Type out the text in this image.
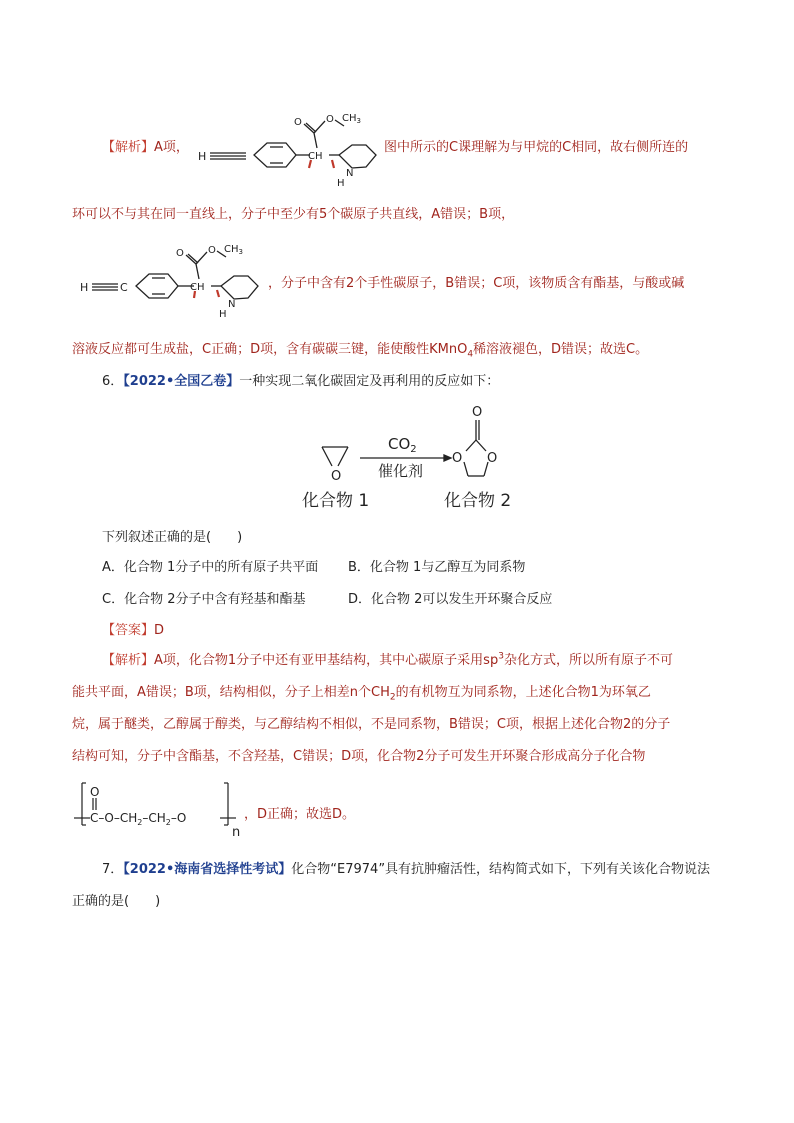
【解析】A项，
H	CH
O O $CH_3$
N
H
图中所示的C课理解为与甲烷的C相同，故右侧所连的
环可以不与其在同一直线上，分子中至少有5个碳原子共直线，A错误；B项，
H	C	CH
O O $CH_3$
N
H
，分子中含有2个手性碳原子，B错误；C项，该物质含有酯基，与酸或碱
溶液反应都可生成盐，C正确；D项，含有碳碳三键，能使酸性KMnO$_4$稀溶液褪色，D错误；故选C。
6．【2022•全国乙卷】一种实现二氧化碳固定及再利用的反应如下：
O
$CO_2$
催化剂
O
O O
化合物 1	化合物 2
下列叙述正确的是(　　)
A．化合物 1分子中的所有原子共平面 B．化合物 1与乙醇互为同系物
C．化合物 2分子中含有羟基和酯基	D．化合物 2可以发生开环聚合反应
【答案】D
【解析】A项，化合物1分子中还有亚甲基结构，其中心碳原子采用$sp^3$杂化方式，所以所有原子不可
能共平面，A错误；B项，结构相似，分子上相差n个$CH_2$的有机物互为同系物，上述化合物1为环氧乙
烷，属于醚类，乙醇属于醇类，与乙醇结构不相似，不是同系物，B错误；C项，根据上述化合物2的分子
结构可知，分子中含酯基，不含羟基，C错误；D项，化合物2分子可发生开环聚合形成高分子化合物
O
$C-O-CH_2-CH_2-O$
n
，D正确；故选D。
7．【2022•海南省选择性考试】化合物“E7974”具有抗肿瘤活性，结构简式如下，下列有关该化合物说法
正确的是(　　)
